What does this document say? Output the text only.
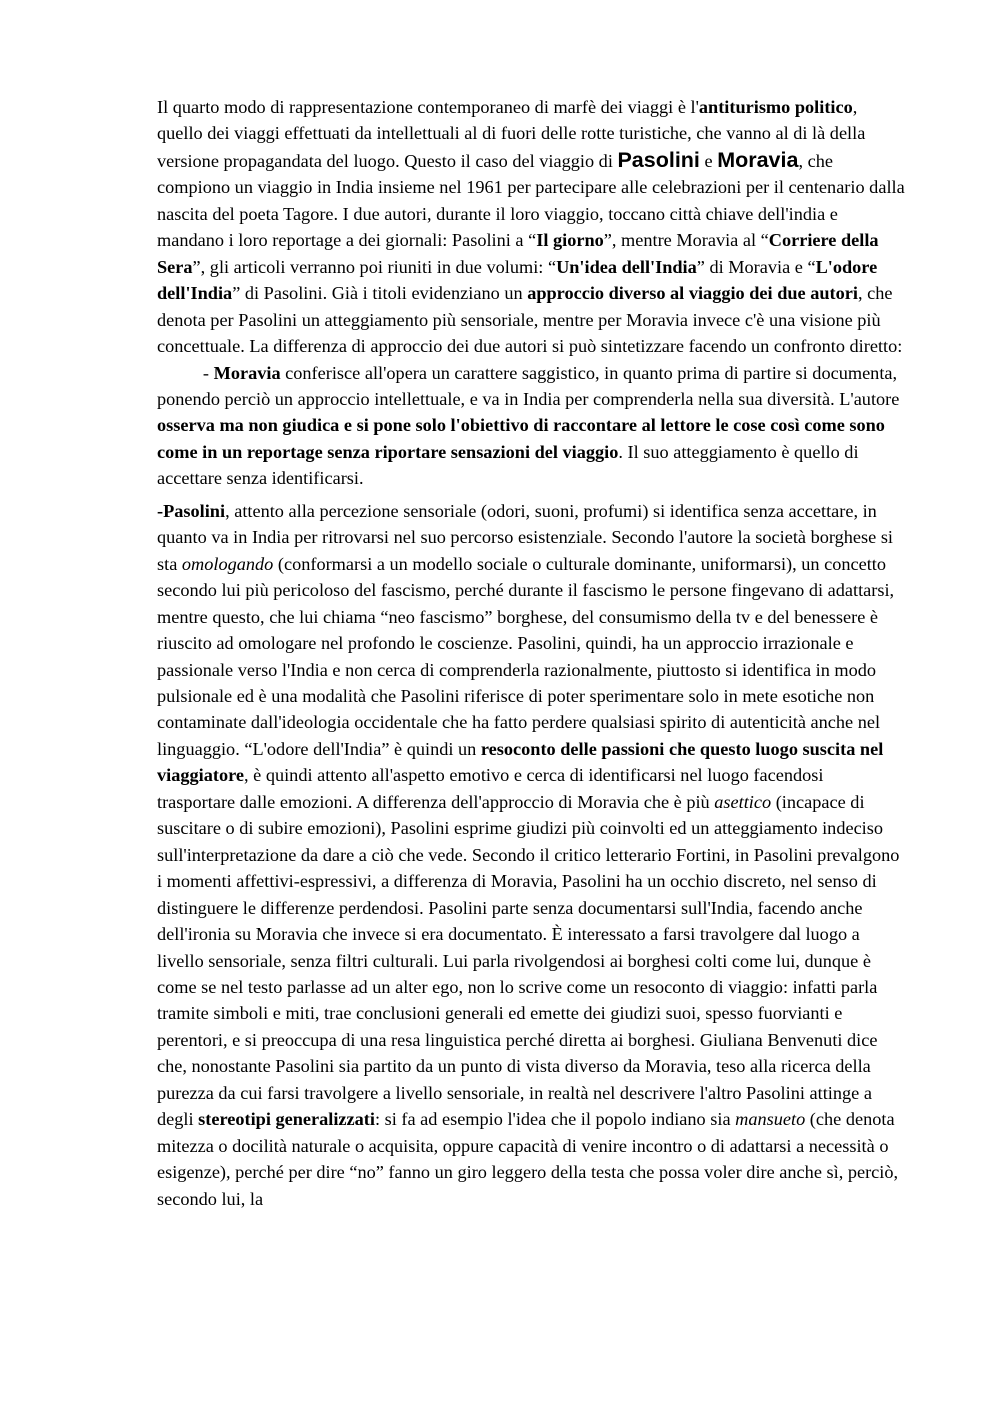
Il quarto modo di rappresentazione contemporaneo di marfè dei viaggi è l'antiturismo politico, quello dei viaggi effettuati da intellettuali al di fuori delle rotte turistiche, che vanno al di là della versione propagandata del luogo. Questo il caso del viaggio di Pasolini e Moravia, che compiono un viaggio in India insieme nel 1961 per partecipare alle celebrazioni per il centenario dalla nascita del poeta Tagore. I due autori, durante il loro viaggio, toccano città chiave dell'india e mandano i loro reportage a dei giornali: Pasolini a “Il giorno”, mentre Moravia al “Corriere della Sera”, gli articoli verranno poi riuniti in due volumi: “Un'idea dell'India” di Moravia e “L'odore dell'India” di Pasolini. Già i titoli evidenziano un approccio diverso al viaggio dei due autori, che denota per Pasolini un atteggiamento più sensoriale, mentre per Moravia invece c'è una visione più concettuale. La differenza di approccio dei due autori si può sintetizzare facendo un confronto diretto: - Moravia conferisce all'opera un carattere saggistico, in quanto prima di partire si documenta, ponendo perciò un approccio intellettuale, e va in India per comprenderla nella sua diversità. L'autore osserva ma non giudica e si pone solo l'obiettivo di raccontare al lettore le cose così come sono come in un reportage senza riportare sensazioni del viaggio. Il suo atteggiamento è quello di accettare senza identificarsi.

-Pasolini, attento alla percezione sensoriale (odori, suoni, profumi) si identifica senza accettare, in quanto va in India per ritrovarsi nel suo percorso esistenziale. Secondo l'autore la società borghese si sta omologando (conformarsi a un modello sociale o culturale dominante, uniformarsi), un concetto secondo lui più pericoloso del fascismo, perché durante il fascismo le persone fingevano di adattarsi, mentre questo, che lui chiama “neo fascismo” borghese, del consumismo della tv e del benessere è riuscito ad omologare nel profondo le coscienze. Pasolini, quindi, ha un approccio irrazionale e passionale verso l'India e non cerca di comprenderla razionalmente, piuttosto si identifica in modo pulsionale ed è una modalità che Pasolini riferisce di poter sperimentare solo in mete esotiche non contaminate dall'ideologia occidentale che ha fatto perdere qualsiasi spirito di autenticità anche nel linguaggio. “L'odore dell'India” è quindi un resoconto delle passioni che questo luogo suscita nel viaggiatore, è quindi attento all'aspetto emotivo e cerca di identificarsi nel luogo facendosi trasportare dalle emozioni. A differenza dell'approccio di Moravia che è più asettico (incapace di suscitare o di subire emozioni), Pasolini esprime giudizi più coinvolti ed un atteggiamento indeciso sull'interpretazione da dare a ciò che vede. Secondo il critico letterario Fortini, in Pasolini prevalgono i momenti affettivi-espressivi, a differenza di Moravia, Pasolini ha un occhio discreto, nel senso di distinguere le differenze perdendosi. Pasolini parte senza documentarsi sull'India, facendo anche dell'ironia su Moravia che invece si era documentato. È interessato a farsi travolgere dal luogo a livello sensoriale, senza filtri culturali. Lui parla rivolgendosi ai borghesi colti come lui, dunque è come se nel testo parlasse ad un alter ego, non lo scrive come un resoconto di viaggio: infatti parla tramite simboli e miti, trae conclusioni generali ed emette dei giudizi suoi, spesso fuorvianti e perentori, e si preoccupa di una resa linguistica perché diretta ai borghesi. Giuliana Benvenuti dice che, nonostante Pasolini sia partito da un punto di vista diverso da Moravia, teso alla ricerca della purezza da cui farsi travolgere a livello sensoriale, in realtà nel descrivere l'altro Pasolini attinge a degli stereotipi generalizzati: si fa ad esempio l'idea che il popolo indiano sia mansueto (che denota mitezza o docilità naturale o acquisita, oppure capacità di venire incontro o di adattarsi a necessità o esigenze), perché per dire “no” fanno un giro leggero della testa che possa voler dire anche sì, perciò, secondo lui, la
